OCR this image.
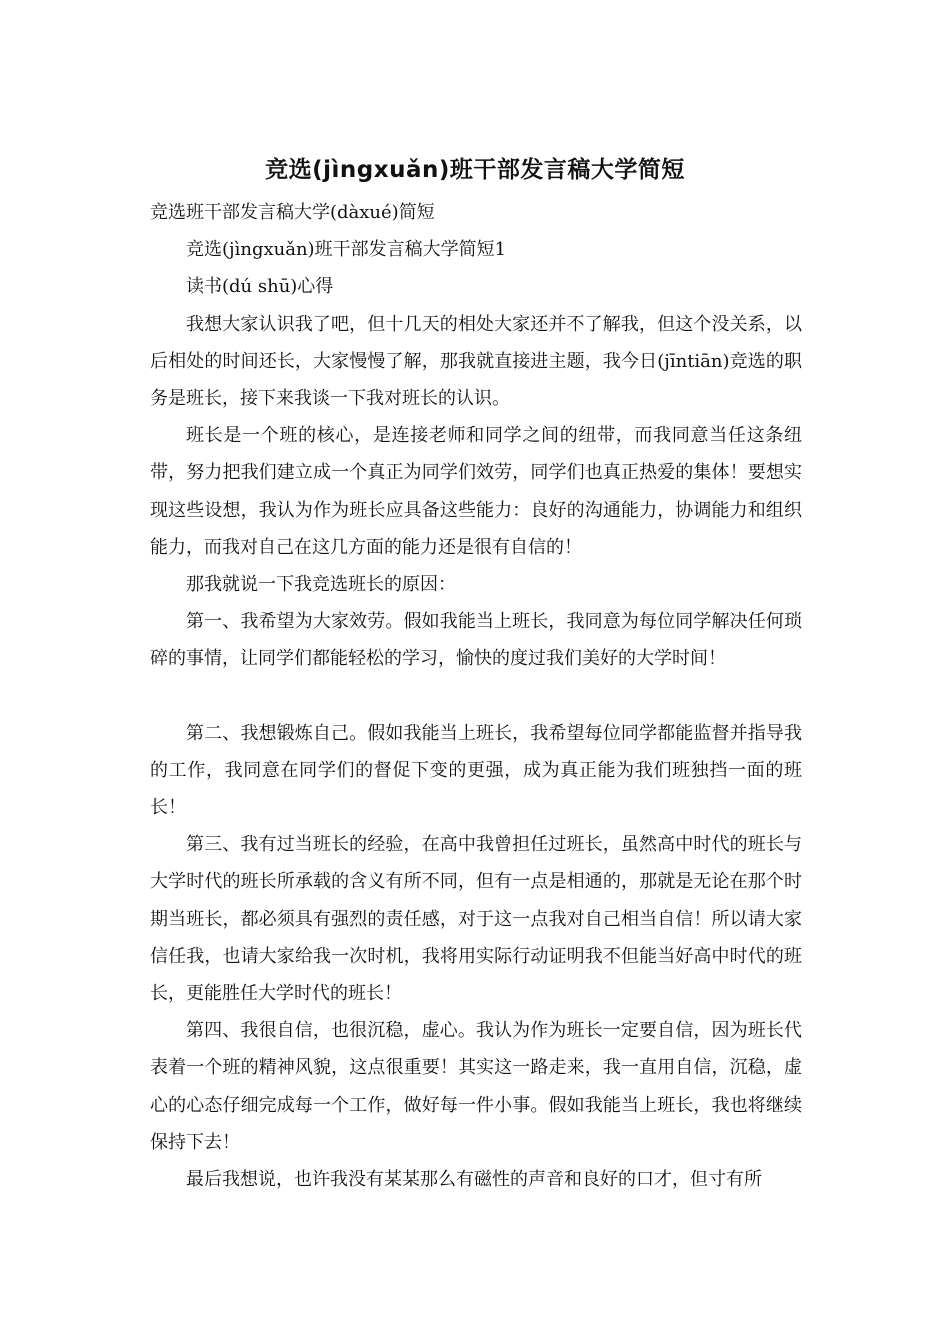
竞选(jìngxuǎn)班干部发言稿大学简短

竞选班干部发言稿大学(dàxué)简短

竞选(jìngxuǎn)班干部发言稿大学简短1

读书(dú shū)心得

我想大家认识我了吧，但十几天的相处大家还并不了解我，但这个没关系，以后相处的时间还长，大家慢慢了解，那我就直接进主题，我今日(jīntiān)竞选的职务是班长，接下来我谈一下我对班长的认识。

班长是一个班的核心，是连接老师和同学之间的纽带，而我同意当任这条纽带，努力把我们建立成一个真正为同学们效劳，同学们也真正热爱的集体！要想实现这些设想，我认为作为班长应具备这些能力：良好的沟通能力，协调能力和组织能力，而我对自己在这几方面的能力还是很有自信的！

那我就说一下我竞选班长的原因：

第一、我希望为大家效劳。假如我能当上班长，我同意为每位同学解决任何琐碎的事情，让同学们都能轻松的学习，愉快的度过我们美好的大学时间！

第二、我想锻炼自己。假如我能当上班长，我希望每位同学都能监督并指导我的工作，我同意在同学们的督促下变的更强，成为真正能为我们班独挡一面的班长！

第三、我有过当班长的经验，在高中我曾担任过班长，虽然高中时代的班长与大学时代的班长所承载的含义有所不同，但有一点是相通的，那就是无论在那个时期当班长，都必须具有强烈的责任感，对于这一点我对自己相当自信！所以请大家信任我，也请大家给我一次时机，我将用实际行动证明我不但能当好高中时代的班长，更能胜任大学时代的班长！

第四、我很自信，也很沉稳，虚心。我认为作为班长一定要自信，因为班长代表着一个班的精神风貌，这点很重要！其实这一路走来，我一直用自信，沉稳，虚心的心态仔细完成每一个工作，做好每一件小事。假如我能当上班长，我也将继续保持下去！

最后我想说，也许我没有某某那么有磁性的声音和良好的口才，但寸有所
